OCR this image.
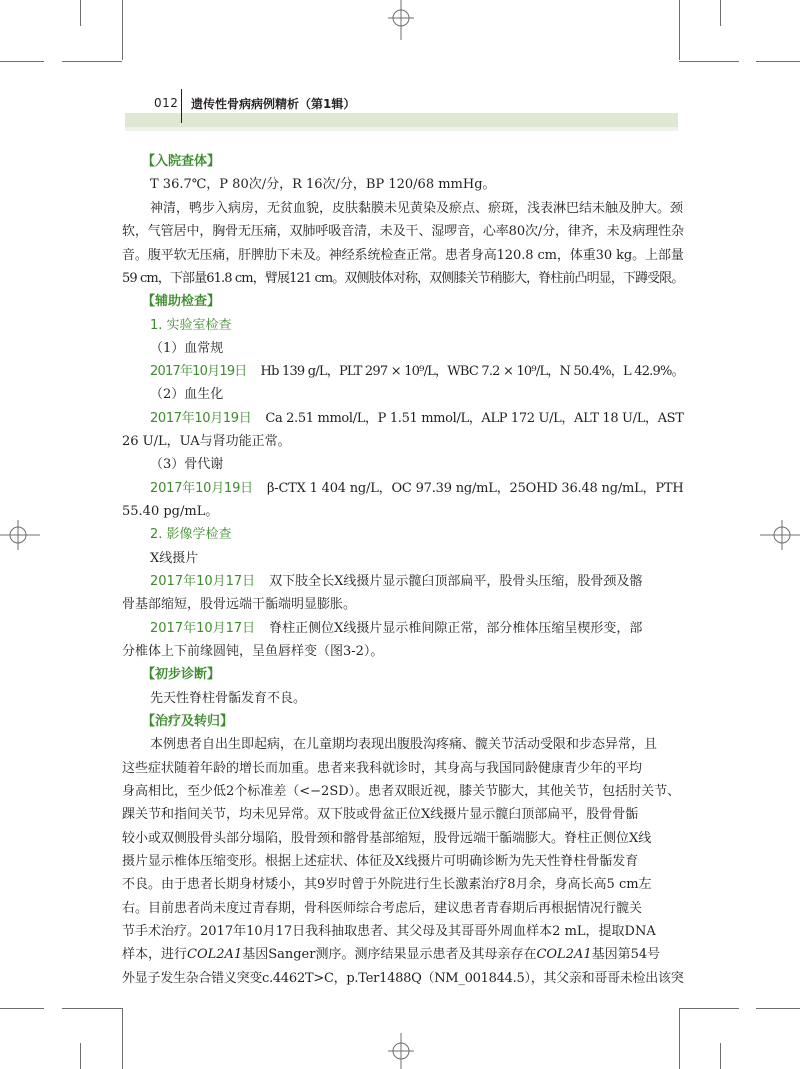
012 遗传性骨病病例精析（第1辑）
【入院查体】
T 36.7℃，P 80次/分，R 16次/分，BP 120/68 mmHg。
神清，鸭步入病房，无贫血貌，皮肤黏膜未见黄染及瘀点、瘀斑，浅表淋巴结未触及肿大。颈
软，气管居中，胸骨无压痛，双肺呼吸音清，未及干、湿啰音，心率80次/分，律齐，未及病理性杂
音。腹平软无压痛，肝脾肋下未及。神经系统检查正常。患者身高120.8 cm，体重30 kg。上部量
59 cm，下部量61.8 cm，臂展121 cm。双侧肢体对称，双侧膝关节稍膨大，脊柱前凸明显，下蹲受限。
【辅助检查】
1. 实验室检查
（1）血常规
2017年10月19日 Hb 139 g/L，PLT 297 × 10⁹/L，WBC 7.2 × 10⁹/L，N 50.4%，L 42.9%。
（2）血生化
2017年10月19日 Ca 2.51 mmol/L，P 1.51 mmol/L，ALP 172 U/L，ALT 18 U/L，AST
26 U/L，UA与肾功能正常。
（3）骨代谢
2017年10月19日 β-CTX 1 404 ng/L，OC 97.39 ng/mL，25OHD 36.48 ng/mL，PTH
55.40 pg/mL。
2. 影像学检查
X线摄片
2017年10月17日 双下肢全长X线摄片显示髋臼顶部扁平，股骨头压缩，股骨颈及髂
骨基部缩短，股骨远端干骺端明显膨胀。
2017年10月17日 脊柱正侧位X线摄片显示椎间隙正常，部分椎体压缩呈楔形变，部
分椎体上下前缘圆钝，呈鱼唇样变（图3-2）。
【初步诊断】
先天性脊柱骨骺发育不良。
【治疗及转归】
本例患者自出生即起病，在儿童期均表现出腹股沟疼痛、髋关节活动受限和步态异常，且
这些症状随着年龄的增长而加重。患者来我科就诊时，其身高与我国同龄健康青少年的平均
身高相比，至少低2个标准差（<−2SD）。患者双眼近视，膝关节膨大，其他关节，包括肘关节、
踝关节和指间关节，均未见异常。双下肢或骨盆正位X线摄片显示髋臼顶部扁平，股骨骨骺
较小或双侧股骨头部分塌陷，股骨颈和髂骨基部缩短，股骨远端干骺端膨大。脊柱正侧位X线
摄片显示椎体压缩变形。根据上述症状、体征及X线摄片可明确诊断为先天性脊柱骨骺发育
不良。由于患者长期身材矮小，其9岁时曾于外院进行生长激素治疗8月余，身高长高5 cm左
右。目前患者尚未度过青春期，骨科医师综合考虑后，建议患者青春期后再根据情况行髋关
节手术治疗。2017年10月17日我科抽取患者、其父母及其哥哥外周血样本2 mL，提取DNA
样本，进行COL2A1基因Sanger测序。测序结果显示患者及其母亲存在COL2A1基因第54号
外显子发生杂合错义突变c.4462T>C，p.Ter1488Q（NM_001844.5），其父亲和哥哥未检出该突
